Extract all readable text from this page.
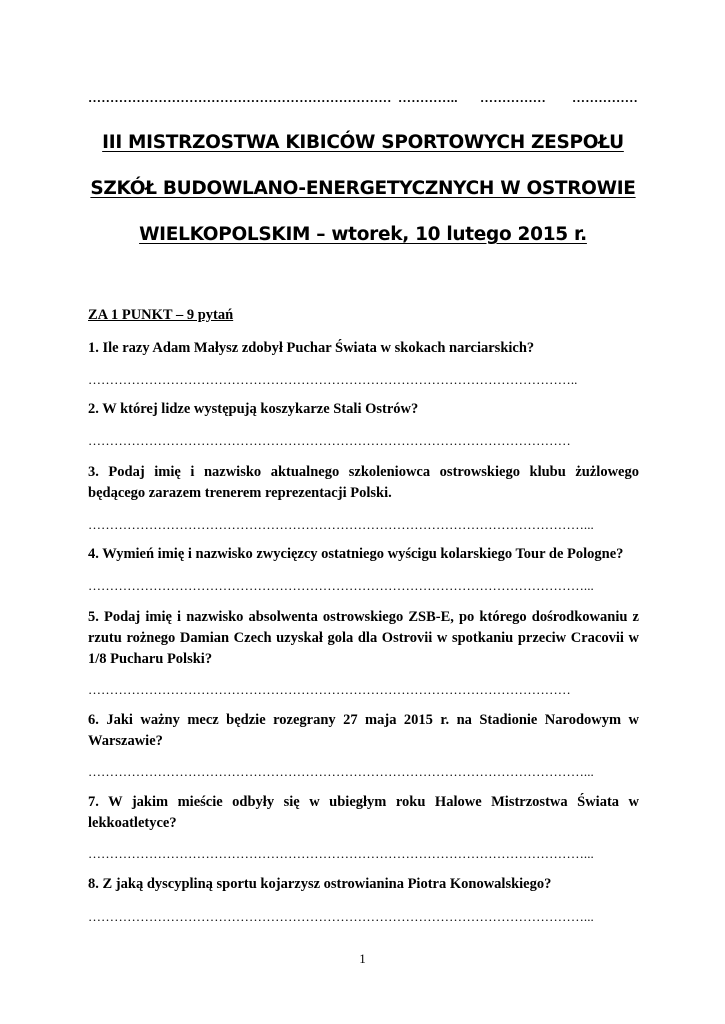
…………………………………………………………… ………….. …………… ……………
III MISTRZOSTWA KIBICÓW SPORTOWYCH ZESPOŁU
SZKÓŁ BUDOWLANO-ENERGETYCZNYCH W OSTROWIE
WIELKOPOLSKIM – wtorek, 10 lutego 2015 r.
ZA 1 PUNKT – 9 pytań
1. Ile razy Adam Małysz zdobył Puchar Świata w skokach narciarskich?
…………………………………………………………………………………………………..
2. W której lidze występują koszykarze Stali Ostrów?
…………………………………………………………………………………………………
3. Podaj imię i nazwisko aktualnego szkoleniowca ostrowskiego klubu żużlowego będącego zarazem trenerem reprezentacji Polski.
……………………………………………………………………………………………………...
4. Wymień imię i nazwisko zwycięzcy ostatniego wyścigu kolarskiego Tour de Pologne?
……………………………………………………………………………………………………...
5. Podaj imię i nazwisko absolwenta ostrowskiego ZSB-E, po którego dośrodkowaniu z rzutu rożnego Damian Czech uzyskał gola dla Ostrovii w spotkaniu przeciw Cracovii w 1/8 Pucharu Polski?
…………………………………………………………………………………………………
6. Jaki ważny mecz będzie rozegrany 27 maja 2015 r. na Stadionie Narodowym w Warszawie?
……………………………………………………………………………………………………...
7. W jakim mieście odbyły się w ubiegłym roku Halowe Mistrzostwa Świata w lekkoatletyce?
……………………………………………………………………………………………………...
8. Z jaką dyscypliną sportu kojarzysz ostrowianina Piotra Konowalskiego?
……………………………………………………………………………………………………...
1
